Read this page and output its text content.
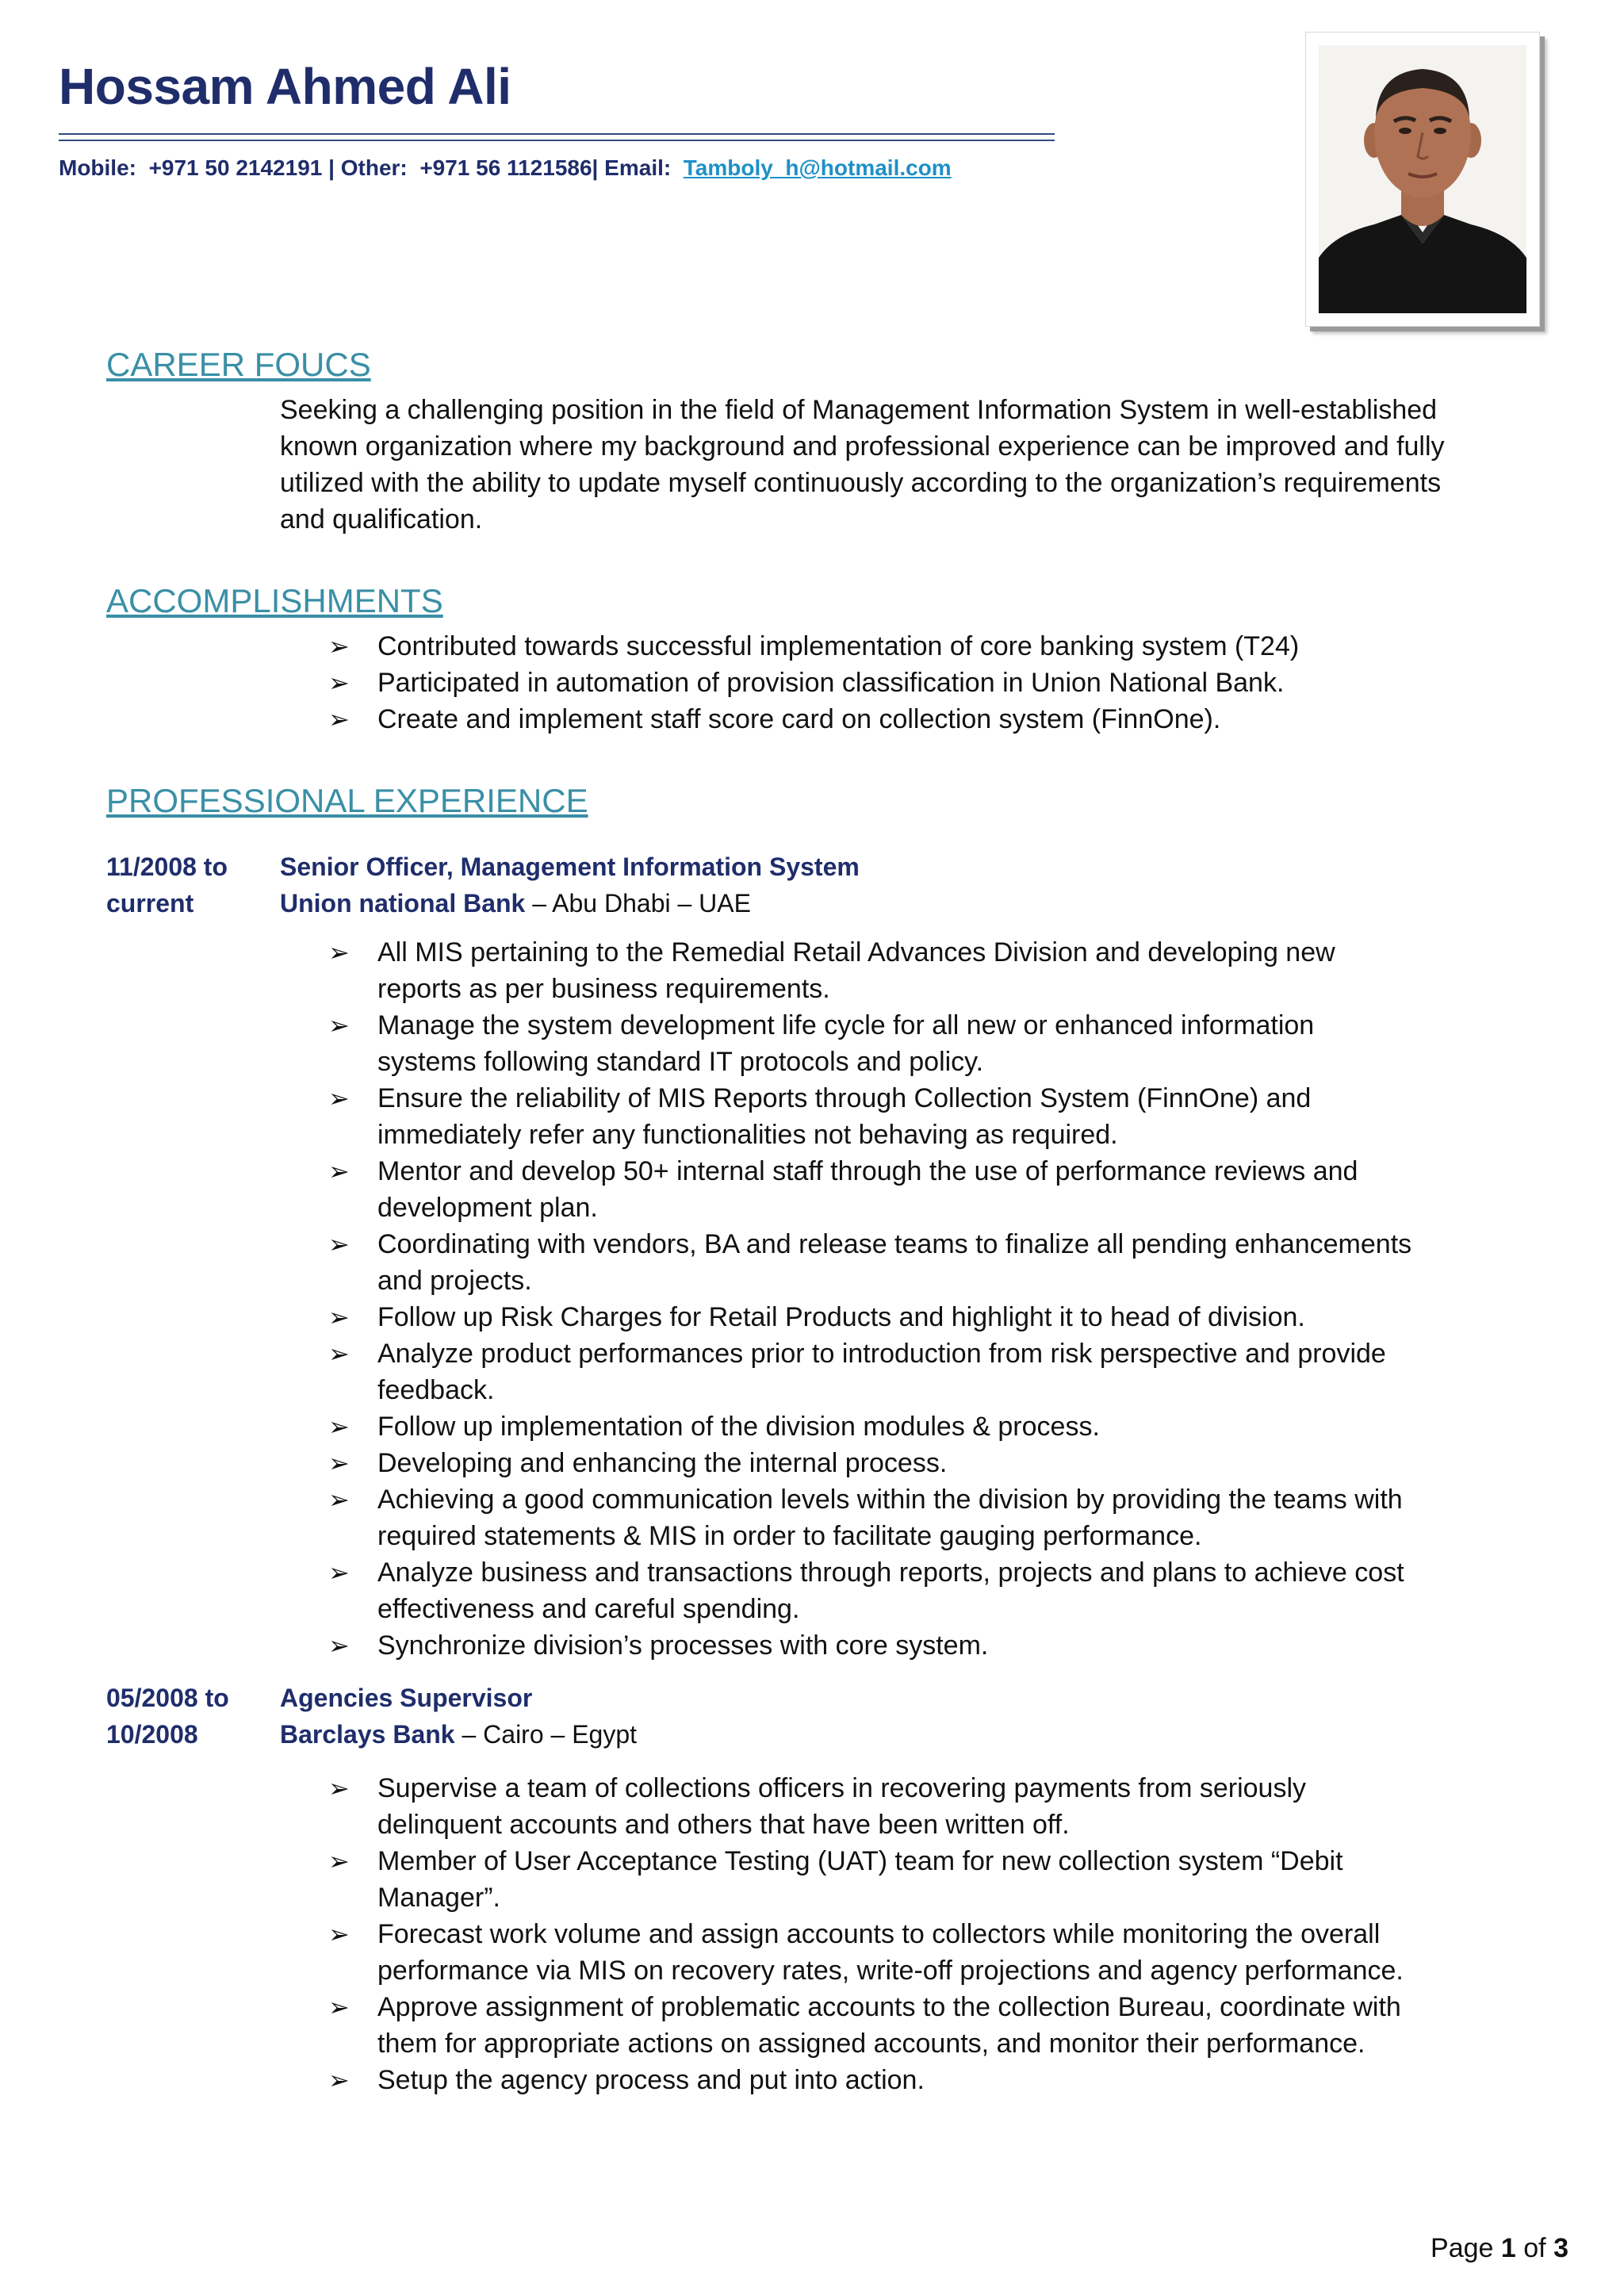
Hossam Ahmed Ali
Mobile: +971 50 2142191 | Other: +971 56 1121586| Email: Tamboly_h@hotmail.com
CAREER FOUCS
Seeking a challenging position in the field of Management Information System in well-established
known organization where my background and professional experience can be improved and fully
utilized with the ability to update myself continuously according to the organization’s requirements
and qualification.
ACCOMPLISHMENTS
➢ Contributed towards successful implementation of core banking system (T24)
➢ Participated in automation of provision classification in Union National Bank.
➢ Create and implement staff score card on collection system (FinnOne).
PROFESSIONAL EXPERIENCE
11/2008 to
current
Senior Officer, Management Information System
Union national Bank – Abu Dhabi – UAE
➢ All MIS pertaining to the Remedial Retail Advances Division and developing new
reports as per business requirements.
➢ Manage the system development life cycle for all new or enhanced information
systems following standard IT protocols and policy.
➢ Ensure the reliability of MIS Reports through Collection System (FinnOne) and
immediately refer any functionalities not behaving as required.
➢ Mentor and develop 50+ internal staff through the use of performance reviews and
development plan.
➢ Coordinating with vendors, BA and release teams to finalize all pending enhancements
and projects.
➢ Follow up Risk Charges for Retail Products and highlight it to head of division.
➢ Analyze product performances prior to introduction from risk perspective and provide
feedback.
➢ Follow up implementation of the division modules & process.
➢ Developing and enhancing the internal process.
➢ Achieving a good communication levels within the division by providing the teams with
required statements & MIS in order to facilitate gauging performance.
➢ Analyze business and transactions through reports, projects and plans to achieve cost
effectiveness and careful spending.
➢ Synchronize division’s processes with core system.
05/2008 to
10/2008
Agencies Supervisor
Barclays Bank – Cairo – Egypt
➢ Supervise a team of collections officers in recovering payments from seriously
delinquent accounts and others that have been written off.
➢ Member of User Acceptance Testing (UAT) team for new collection system “Debit
Manager”.
➢ Forecast work volume and assign accounts to collectors while monitoring the overall
performance via MIS on recovery rates, write-off projections and agency performance.
➢ Approve assignment of problematic accounts to the collection Bureau, coordinate with
them for appropriate actions on assigned accounts, and monitor their performance.
➢ Setup the agency process and put into action.
Page 1 of 3
